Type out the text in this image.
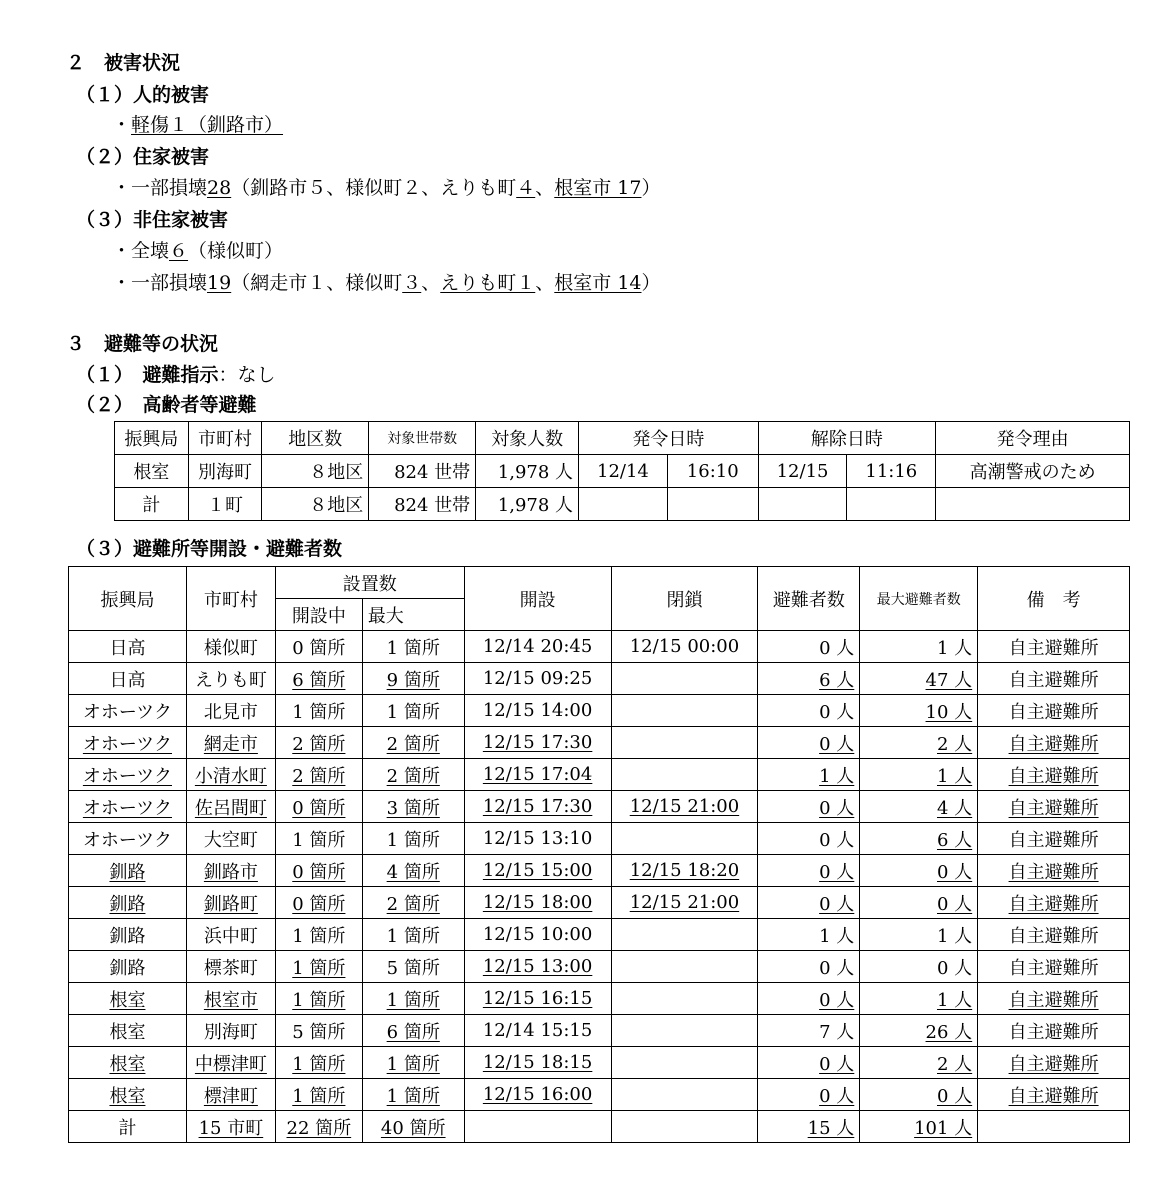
２　被害状況
（１）人的被害
・軽傷１（釧路市）
（２）住家被害
・一部損壊28（釧路市５、様似町２、えりも町４、根室市 17）
（３）非住家被害
・全壊６（様似町）
・一部損壊19（網走市１、様似町３、えりも町１、根室市 14）
３　避難等の状況
（１）　避難指示：なし
（２）　高齢者等避難
振興局	市町村	地区数	対象世帯数	対象人数	発令日時		解除日時		発令理由
根室	別海町	８地区	824 世帯	1,978 人	12/14	16:10	12/15	11:16	高潮警戒のため
計	１町	８地区	824 世帯	1,978 人					
（３）避難所等開設・避難者数
振興局	市町村	設置数		開設	閉鎖	避難者数	最大避難者数	備　考
		開設中	最大					
日高	様似町	0 箇所	1 箇所	12/14 20:45	12/15 00:00	0 人	1 人	自主避難所
日高	えりも町	6 箇所	9 箇所	12/15 09:25		6 人	47 人	自主避難所
オホーツク	北見市	1 箇所	1 箇所	12/15 14:00		0 人	10 人	自主避難所
オホーツク	網走市	2 箇所	2 箇所	12/15 17:30		0 人	2 人	自主避難所
オホーツク	小清水町	2 箇所	2 箇所	12/15 17:04		1 人	1 人	自主避難所
オホーツク	佐呂間町	0 箇所	3 箇所	12/15 17:30	12/15 21:00	0 人	4 人	自主避難所
オホーツク	大空町	1 箇所	1 箇所	12/15 13:10		0 人	6 人	自主避難所
釧路	釧路市	0 箇所	4 箇所	12/15 15:00	12/15 18:20	0 人	0 人	自主避難所
釧路	釧路町	0 箇所	2 箇所	12/15 18:00	12/15 21:00	0 人	0 人	自主避難所
釧路	浜中町	1 箇所	1 箇所	12/15 10:00		1 人	1 人	自主避難所
釧路	標茶町	1 箇所	5 箇所	12/15 13:00		0 人	0 人	自主避難所
根室	根室市	1 箇所	1 箇所	12/15 16:15		0 人	1 人	自主避難所
根室	別海町	5 箇所	6 箇所	12/14 15:15		7 人	26 人	自主避難所
根室	中標津町	1 箇所	1 箇所	12/15 18:15		0 人	2 人	自主避難所
根室	標津町	1 箇所	1 箇所	12/15 16:00		0 人	0 人	自主避難所
計	15 市町	22 箇所	40 箇所			15 人	101 人	
